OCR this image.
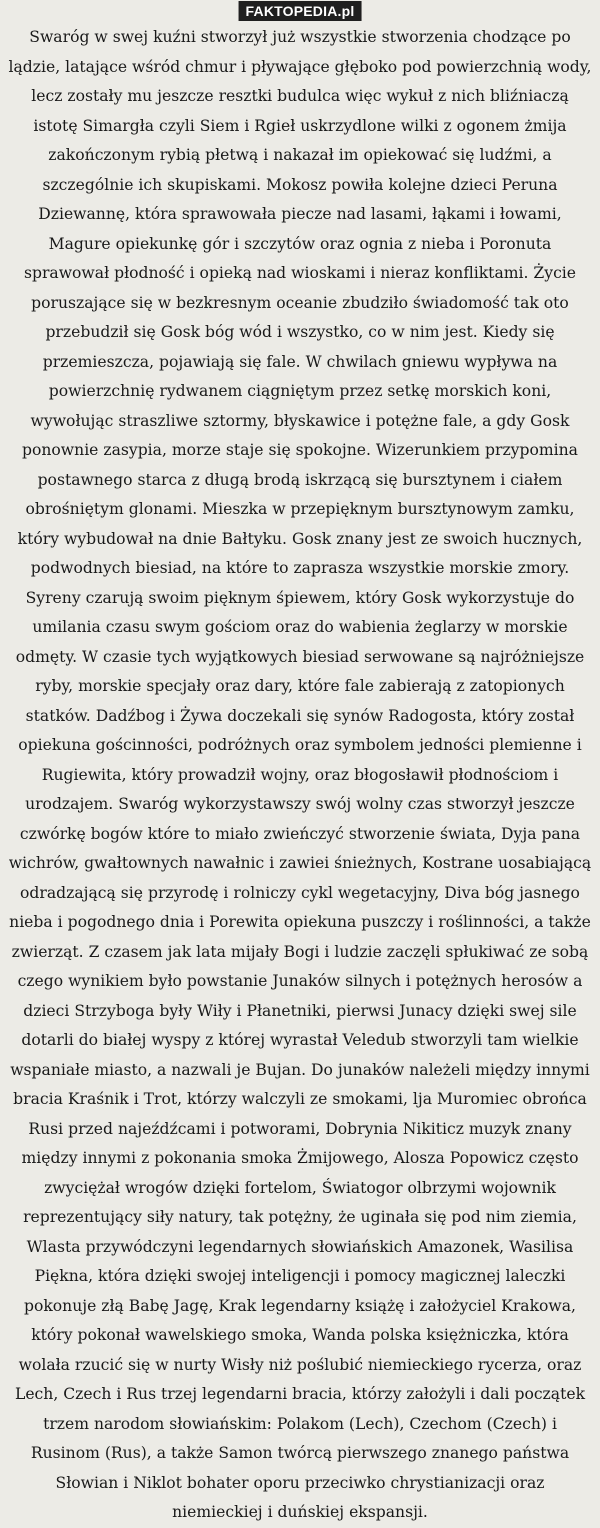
FAKTOPEDIA.pl

Swaróg w swej kuźni stworzył już wszystkie stworzenia chodzące po lądzie, latające wśród chmur i pływające głęboko pod powierzchnią wody, lecz zostały mu jeszcze resztki budulca więc wykuł z nich bliźniaczą istotę Simargła czyli Siem i Rgieł uskrzydlone wilki z ogonem żmija zakończonym rybią płetwą i nakazał im opiekować się ludźmi, a szczególnie ich skupiskami. Mokosz powiła kolejne dzieci Peruna Dziewannę, która sprawowała piecze nad lasami, łąkami i łowami, Magure opiekunkę gór i szczytów oraz ognia z nieba i Poronuta sprawował płodność i opieką nad wioskami i nieraz konfliktami. Życie poruszające się w bezkresnym oceanie zbudziło świadomość tak oto przebudził się Gosk bóg wód i wszystko, co w nim jest. Kiedy się przemieszcza, pojawiają się fale. W chwilach gniewu wypływa na powierzchnię rydwanem ciągniętym przez setkę morskich koni, wywołując straszliwe sztormy, błyskawice i potężne fale, a gdy Gosk ponownie zasypia, morze staje się spokojne. Wizerunkiem przypomina postawnego starca z długą brodą iskrzącą się bursztynem i ciałem obrośniętym glonami. Mieszka w przepięknym bursztynowym zamku, który wybudował na dnie Bałtyku. Gosk znany jest ze swoich hucznych, podwodnych biesiad, na które to zaprasza wszystkie morskie zmory. Syreny czarują swoim pięknym śpiewem, który Gosk wykorzystuje do umilania czasu swym gościom oraz do wabienia żeglarzy w morskie odmęty. W czasie tych wyjątkowych biesiad serwowane są najróżniejsze ryby, morskie specjały oraz dary, które fale zabierają z zatopionych statków. Dadźbog i Żywa doczekali się synów Radogosta, który został opiekuna gościnności, podróżnych oraz symbolem jedności plemienne i Rugiewita, który prowadził wojny, oraz błogosławił płodnościom i urodzajem. Swaróg wykorzystawszy swój wolny czas stworzył jeszcze czwórkę bogów które to miało zwieńczyć stworzenie świata, Dyja pana wichrów, gwałtownych nawałnic i zawiei śnieżnych, Kostrane uosabiającą odradzającą się przyrodę i rolniczy cykl wegetacyjny, Diva bóg jasnego nieba i pogodnego dnia i Porewita opiekuna puszczy i roślinności, a także zwierząt. Z czasem jak lata mijały Bogi i ludzie zaczęli spłukiwać ze sobą czego wynikiem było powstanie Junaków silnych i potężnych herosów a dzieci Strzyboga były Wiły i Płanetniki, pierwsi Junacy dzięki swej sile dotarli do białej wyspy z której wyrastał Veledub stworzyli tam wielkie wspaniałe miasto, a nazwali je Bujan. Do junaków należeli między innymi bracia Kraśnik i Trot, którzy walczyli ze smokami, lja Muromiec obrońca Rusi przed najeźdźcami i potworami, Dobrynia Nikiticz muzyk znany między innymi z pokonania smoka Żmijowego, Alosza Popowicz często zwyciężał wrogów dzięki fortelom, Światogor olbrzymi wojownik reprezentujący siły natury, tak potężny, że uginała się pod nim ziemia, Wlasta przywódczyni legendarnych słowiańskich Amazonek, Wasilisa Piękna, która dzięki swojej inteligencji i pomocy magicznej laleczki pokonuje złą Babę Jagę, Krak legendarny książę i założyciel Krakowa, który pokonał wawelskiego smoka, Wanda polska księżniczka, która wolała rzucić się w nurty Wisły niż poślubić niemieckiego rycerza, oraz Lech, Czech i Rus trzej legendarni bracia, którzy założyli i dali początek trzem narodom słowiańskim: Polakom (Lech), Czechom (Czech) i Rusinom (Rus), a także Samon twórcą pierwszego znanego państwa Słowian i Niklot bohater oporu przeciwko chrystianizacji oraz niemieckiej i duńskiej ekspansji.
